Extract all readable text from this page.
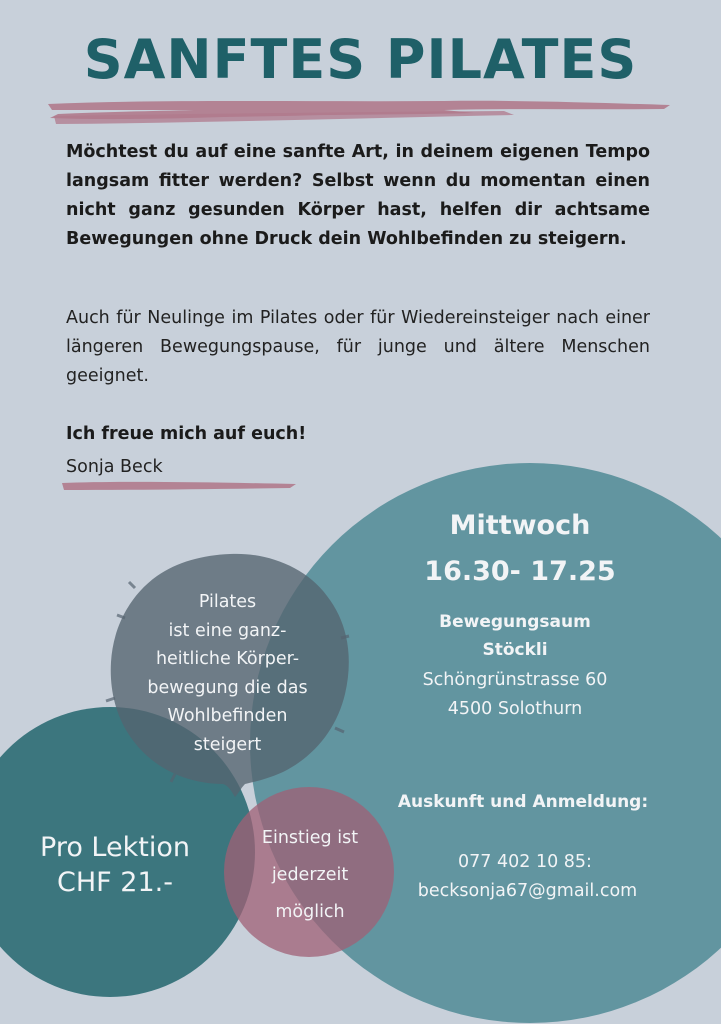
SANFTES PILATES

Möchtest du auf eine sanfte Art, in deinem eigenen Tempo langsam fitter werden? Selbst wenn du momentan einen nicht ganz gesunden Körper hast, helfen dir achtsame Bewegungen ohne Druck dein Wohlbefinden zu steigern.

Auch für Neulinge im Pilates oder für Wiedereinsteiger nach einer längeren Bewegungspause, für junge und ältere Menschen geeignet.

Ich freue mich auf euch!

Sonja Beck

Mittwoch
16.30- 17.25
Bewegungsaum
Stöckli
Schöngrünstrasse 60
4500 Solothurn
Auskunft und Anmeldung:
077 402 10 85:
becksonja67@gmail.com
Pilates
ist eine ganz-
heitliche Körper-
bewegung die das
Wohlbefinden
steigert
Pro Lektion
CHF 21.-
Einstieg ist
jederzeit
möglich
